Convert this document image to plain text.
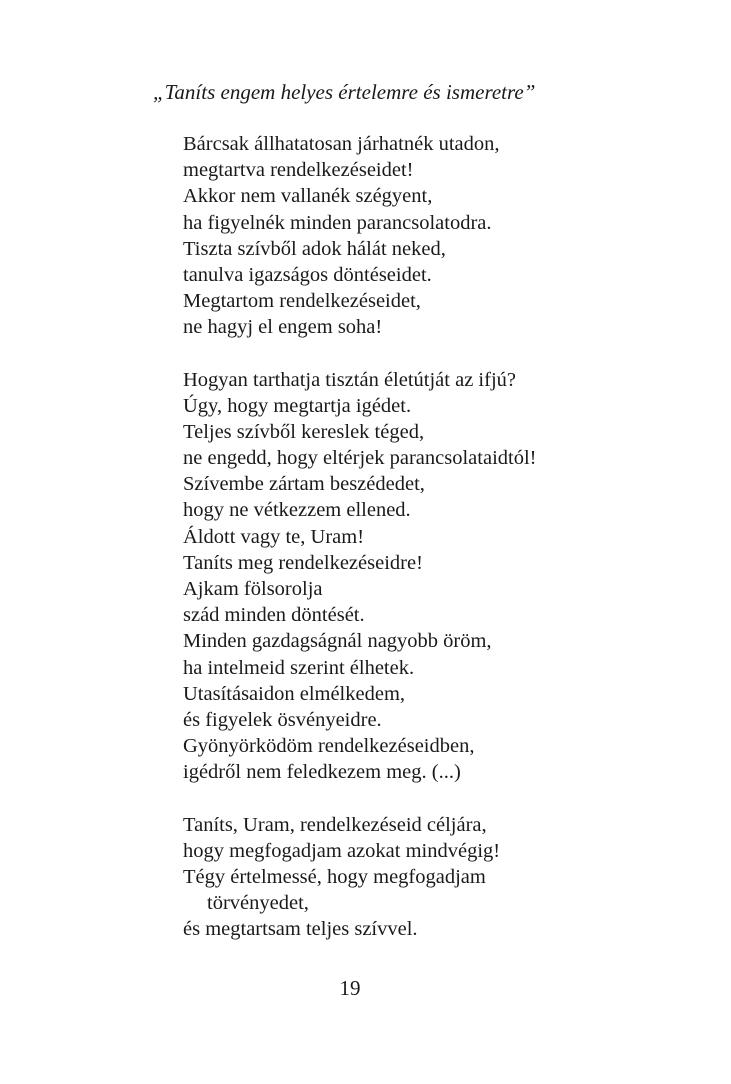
„Taníts engem helyes értelemre és ismeretre”
Bárcsak állhatatosan járhatnék utadon,
megtartva rendelkezéseidet!
Akkor nem vallanék szégyent,
ha figyelnék minden parancsolatodra.
Tiszta szívből adok hálát neked,
tanulva igazságos döntéseidet.
Megtartom rendelkezéseidet,
ne hagyj el engem soha!
Hogyan tarthatja tisztán életútját az ifjú?
Úgy, hogy megtartja igédet.
Teljes szívből kereslek téged,
ne engedd, hogy eltérjek parancsolataidtól!
Szívembe zártam beszédedet,
hogy ne vétkezzem ellened.
Áldott vagy te, Uram!
Taníts meg rendelkezéseidre!
Ajkam fölsorolja
szád minden döntését.
Minden gazdagságnál nagyobb öröm,
ha intelmeid szerint élhetek.
Utasításaidon elmélkedem,
és figyelek ösvényeidre.
Gyönyörködöm rendelkezéseidben,
igédről nem feledkezem meg. (...)
Taníts, Uram, rendelkezéseid céljára,
hogy megfogadjam azokat mindvégig!
Tégy értelmessé, hogy megfogadjam
törvényedet,
és megtartsam teljes szívvel.
19
